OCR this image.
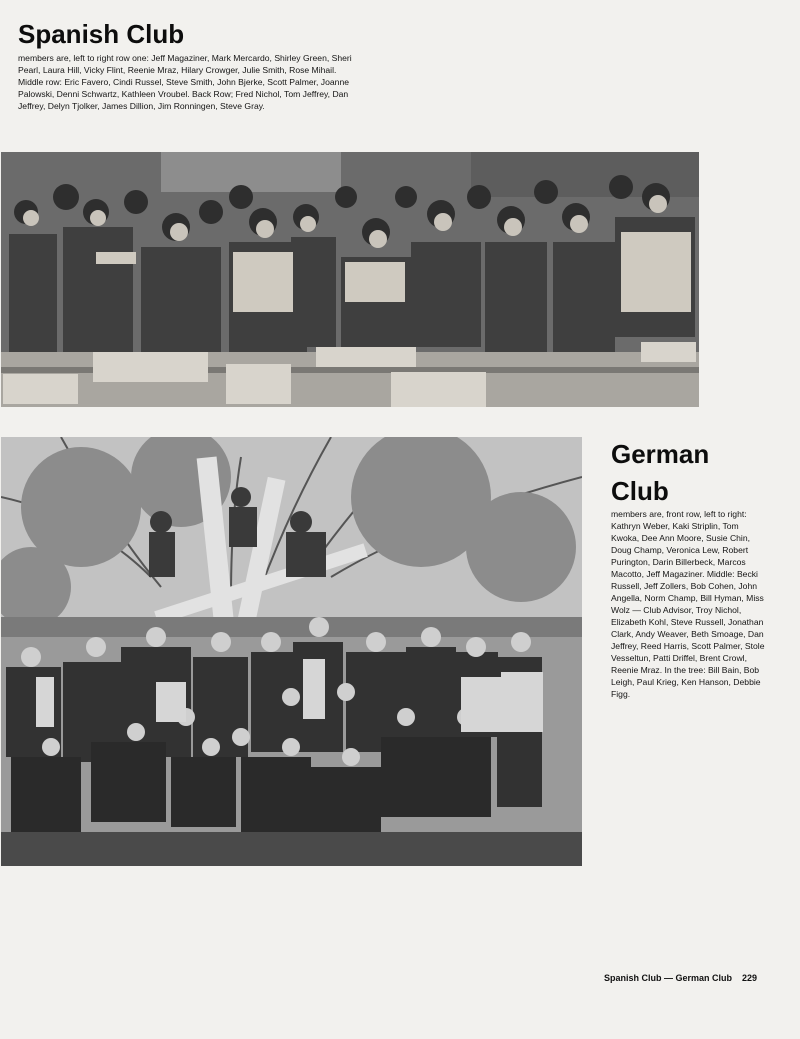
Spanish Club

members are, left to right row one: Jeff Magaziner, Mark Mercardo, Shirley Green, Sheri Pearl, Laura Hill, Vicky Flint, Reenie Mraz, Hilary Crowger, Julie Smith, Rose Mihail. Middle row: Eric Favero, Cindi Russel, Steve Smith, John Bjerke, Scott Palmer, Joanne Palowski, Denni Schwartz, Kathleen Vroubel. Back Row; Fred Nichol, Tom Jeffrey, Dan Jeffrey, Delyn Tjolker, James Dillion, Jim Ronningen, Steve Gray.

German Club

members are, front row, left to right: Kathryn Weber, Kaki Striplin, Tom Kwoka, Dee Ann Moore, Susie Chin, Doug Champ, Veronica Lew, Robert Purington, Darin Billerbeck, Marcos Macotto, Jeff Magaziner. Middle: Becki Russell, Jeff Zollers, Bob Cohen, John Angella, Norm Champ, Bill Hyman, Miss Wolz — Club Advisor, Troy Nichol, Elizabeth Kohl, Steve Russell, Jonathan Clark, Andy Weaver, Beth Smoage, Dan Jeffrey, Reed Harris, Scott Palmer, Stole Vesseltun, Patti Driffel, Brent Crowl, Reenie Mraz. In the tree: Bill Bain, Bob Leigh, Paul Krieg, Ken Hanson, Debbie Figg.

Spanish Club — German Club 229
